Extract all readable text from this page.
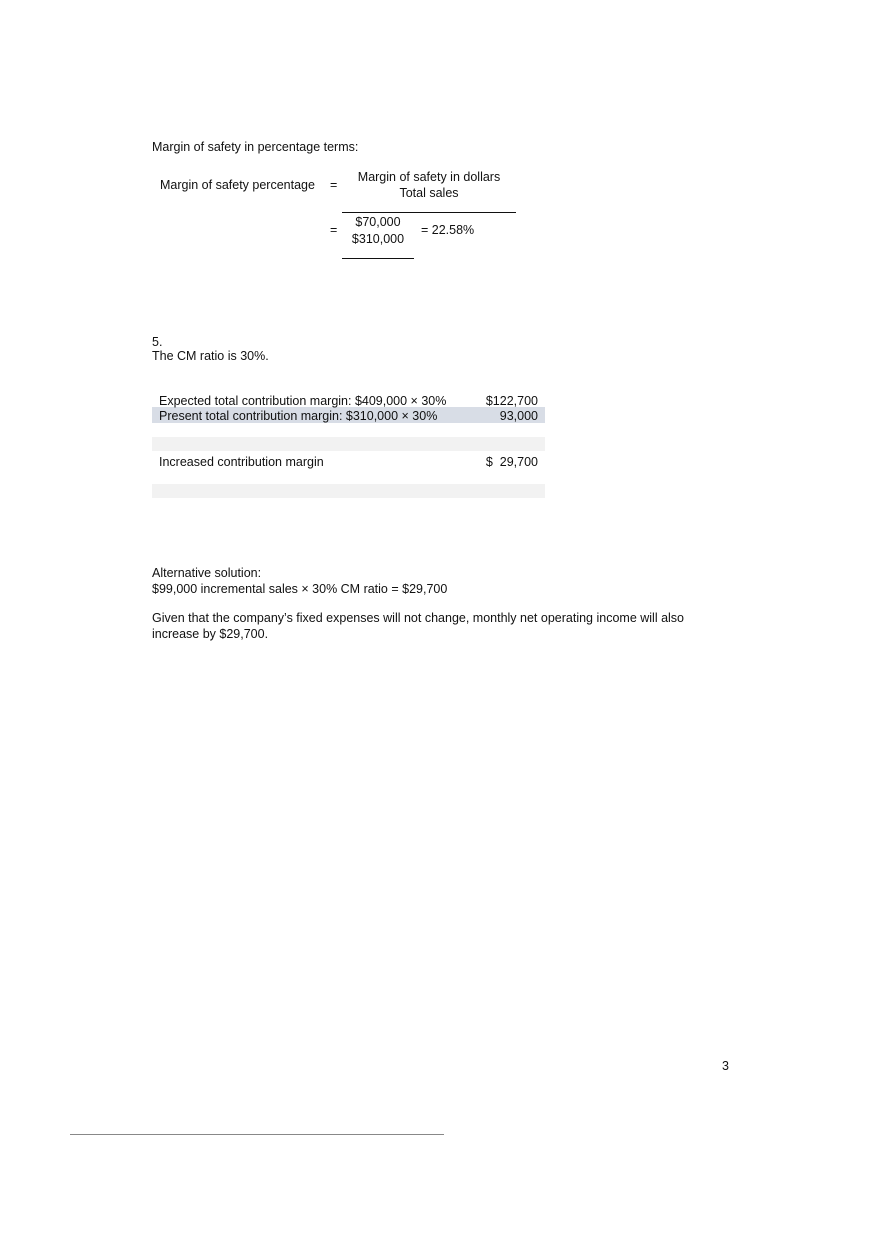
Margin of safety in percentage terms:
Margin of safety percentage =
Margin of safety in dollars
Total sales
=
$70,000
$310,000
= 22.58%
5.
The CM ratio is 30%.
Expected total contribution margin: $409,000 × 30%	$122,700
Present total contribution margin: $310,000 × 30%	93,000
Increased contribution margin	$  29,700
Alternative solution:
$99,000 incremental sales × 30% CM ratio = $29,700
Given that the company’s fixed expenses will not change, monthly net operating income will also
increase by $29,700.
3
